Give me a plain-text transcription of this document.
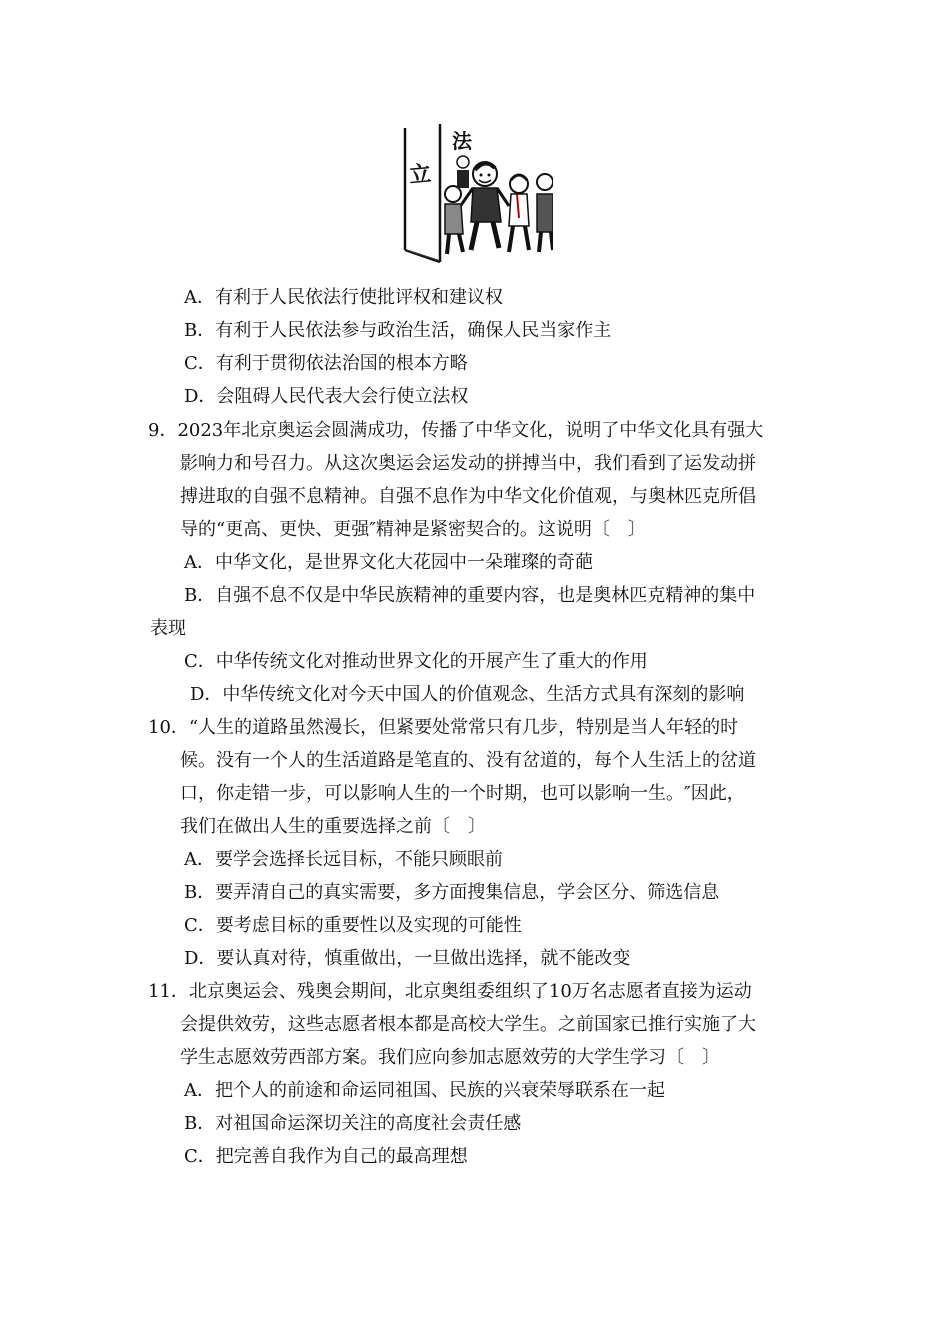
立
法
A．有利于人民依法行使批评权和建议权
B．有利于人民依法参与政治生活，确保人民当家作主
C．有利于贯彻依法治国的根本方略
D．会阻碍人民代表大会行使立法权
9．2023年北京奥运会圆满成功，传播了中华文化，说明了中华文化具有强大
影响力和号召力。从这次奥运会运发动的拼搏当中，我们看到了运发动拼
搏进取的自强不息精神。自强不息作为中华文化价值观，与奥林匹克所倡
导的“更高、更快、更强″精神是紧密契合的。这说明〔　〕
A．中华文化，是世界文化大花园中一朵璀璨的奇葩
B．自强不息不仅是中华民族精神的重要内容，也是奥林匹克精神的集中
表现
C．中华传统文化对推动世界文化的开展产生了重大的作用
D．中华传统文化对今天中国人的价值观念、生活方式具有深刻的影响
10．“人生的道路虽然漫长，但紧要处常常只有几步，特别是当人年轻的时
候。没有一个人的生活道路是笔直的、没有岔道的，每个人生活上的岔道
口，你走错一步，可以影响人生的一个时期，也可以影响一生。″因此，
我们在做出人生的重要选择之前〔　〕
A．要学会选择长远目标，不能只顾眼前
B．要弄清自己的真实需要，多方面搜集信息，学会区分、筛选信息
C．要考虑目标的重要性以及实现的可能性
D．要认真对待，慎重做出，一旦做出选择，就不能改变
11．北京奥运会、残奥会期间，北京奥组委组织了10万名志愿者直接为运动
会提供效劳，这些志愿者根本都是高校大学生。之前国家已推行实施了大
学生志愿效劳西部方案。我们应向参加志愿效劳的大学生学习〔　〕
A．把个人的前途和命运同祖国、民族的兴衰荣辱联系在一起
B．对祖国命运深切关注的高度社会责任感
C．把完善自我作为自己的最高理想
